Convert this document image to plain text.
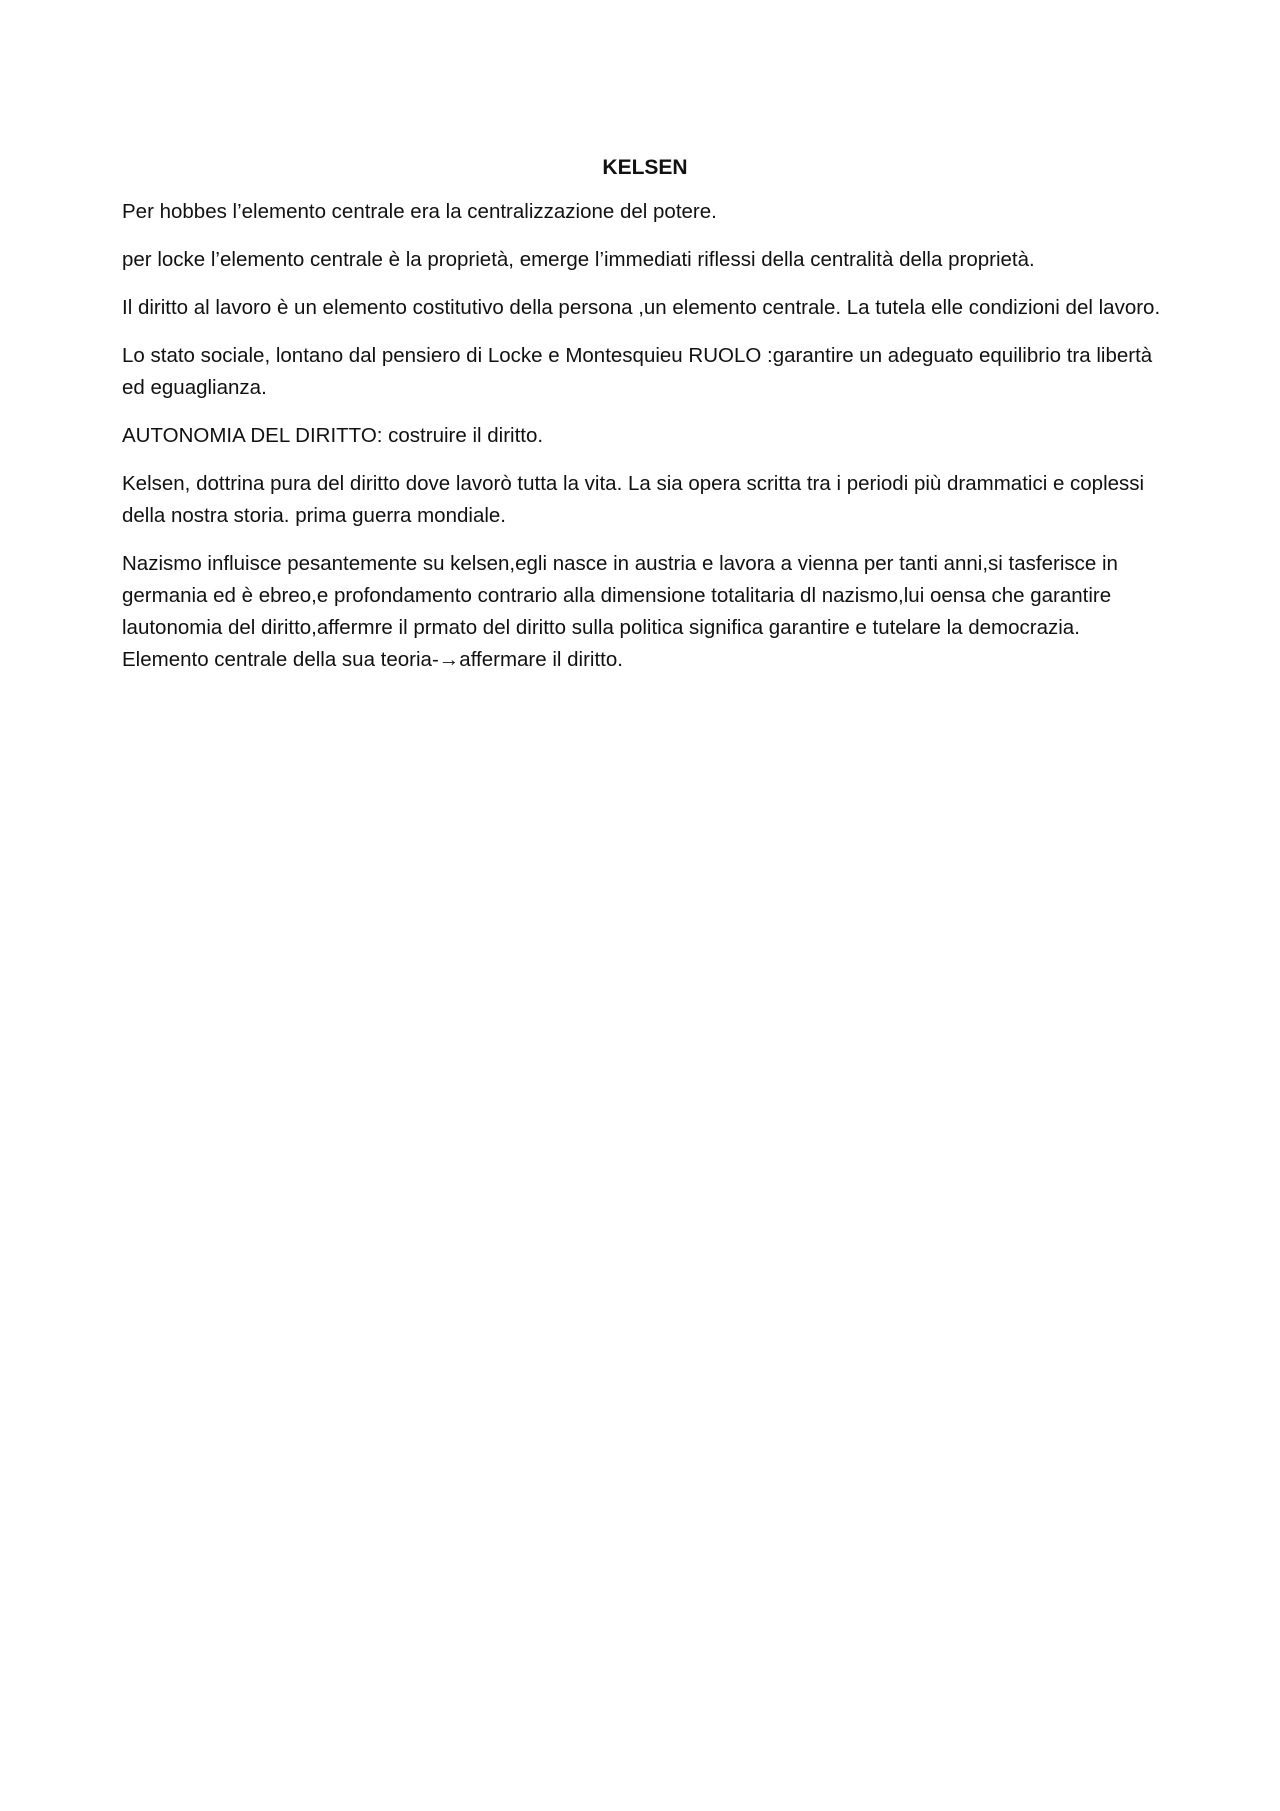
KELSEN

Per hobbes l’elemento centrale era la centralizzazione del potere.

per locke l’elemento centrale è la proprietà, emerge l’immediati riflessi della centralità della proprietà.

Il diritto al lavoro è un elemento costitutivo della persona ,un elemento centrale. La tutela elle condizioni del lavoro.

Lo stato sociale, lontano dal pensiero di Locke e Montesquieu RUOLO :garantire un adeguato equilibrio tra libertà ed eguaglianza.

AUTONOMIA DEL DIRITTO: costruire il diritto.

Kelsen, dottrina pura del diritto dove lavorò tutta la vita. La sia opera scritta tra i periodi più drammatici e coplessi della nostra storia. prima guerra mondiale.

Nazismo influisce pesantemente su kelsen,egli nasce in austria e lavora a vienna per tanti anni,si tasferisce in germania ed è ebreo,e profondamento contrario alla dimensione totalitaria dl nazismo,lui oensa che garantire lautonomia del diritto,affermre il prmato del diritto sulla politica significa garantire e tutelare la democrazia. Elemento centrale della sua teoria-→affermare il diritto.
